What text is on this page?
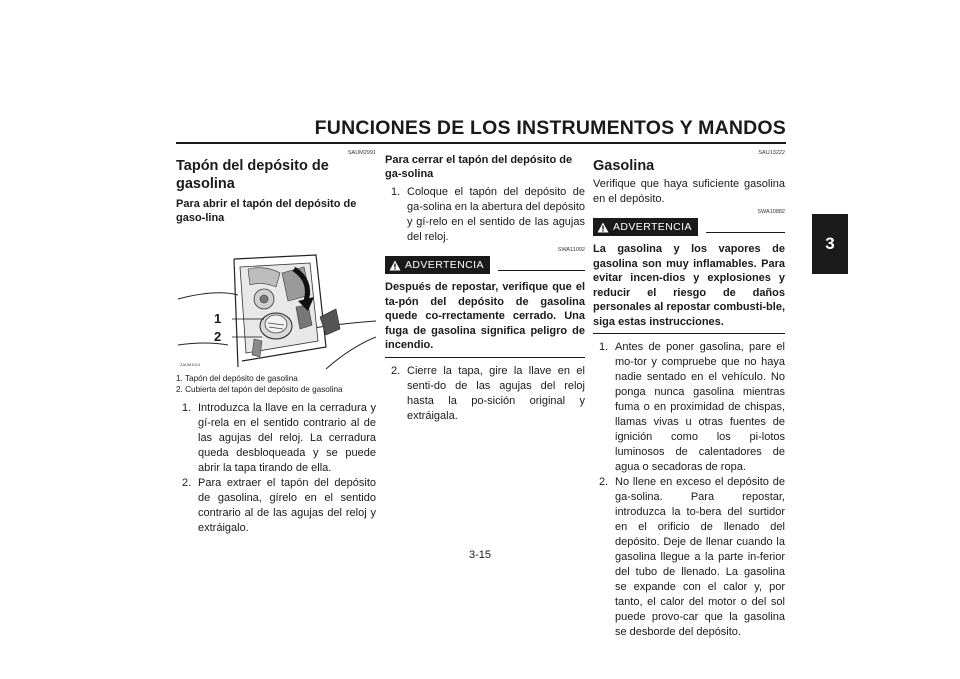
FUNCIONES DE LOS INSTRUMENTOS Y MANDOS
3
SAUM2991
Tapón del depósito de gasolina
Para abrir el tapón del depósito de gaso-lina
1
2
ZAUM1014
1. Tapón del depósito de gasolina
2. Cubierta del tapón del depósito de gasolina
1. Introduzca la llave en la cerradura y gí-rela en el sentido contrario al de las agujas del reloj. La cerradura queda desbloqueada y se puede abrir la tapa tirando de ella.
2. Para extraer el tapón del depósito de gasolina, gírelo en el sentido contrario al de las agujas del reloj y extráigalo.
Para cerrar el tapón del depósito de ga-solina
1. Coloque el tapón del depósito de ga-solina en la abertura del depósito y gí-relo en el sentido de las agujas del reloj.
SWA11092
ADVERTENCIA
Después de repostar, verifique que el ta-pón del depósito de gasolina quede co-rrectamente cerrado. Una fuga de gasolina significa peligro de incendio.
2. Cierre la tapa, gire la llave en el senti-do de las agujas del reloj hasta la po-sición original y extráigala.
SAU13222
Gasolina

Verifique que haya suficiente gasolina en el depósito.

SWA10882
ADVERTENCIA
La gasolina y los vapores de gasolina son muy inflamables. Para evitar incen-dios y explosiones y reducir el riesgo de daños personales al repostar combusti-ble, siga estas instrucciones.
1. Antes de poner gasolina, pare el mo-tor y compruebe que no haya nadie sentado en el vehículo. No ponga nunca gasolina mientras fuma o en proximidad de chispas, llamas vivas u otras fuentes de ignición como los pi-lotos luminosos de calentadores de agua o secadoras de ropa.
2. No llene en exceso el depósito de ga-solina. Para repostar, introduzca la to-bera del surtidor en el orificio de llenado del depósito. Deje de llenar cuando la gasolina llegue a la parte in-ferior del tubo de llenado. La gasolina se expande con el calor y, por tanto, el calor del motor o del sol puede provo-car que la gasolina se desborde del depósito.
3-15
